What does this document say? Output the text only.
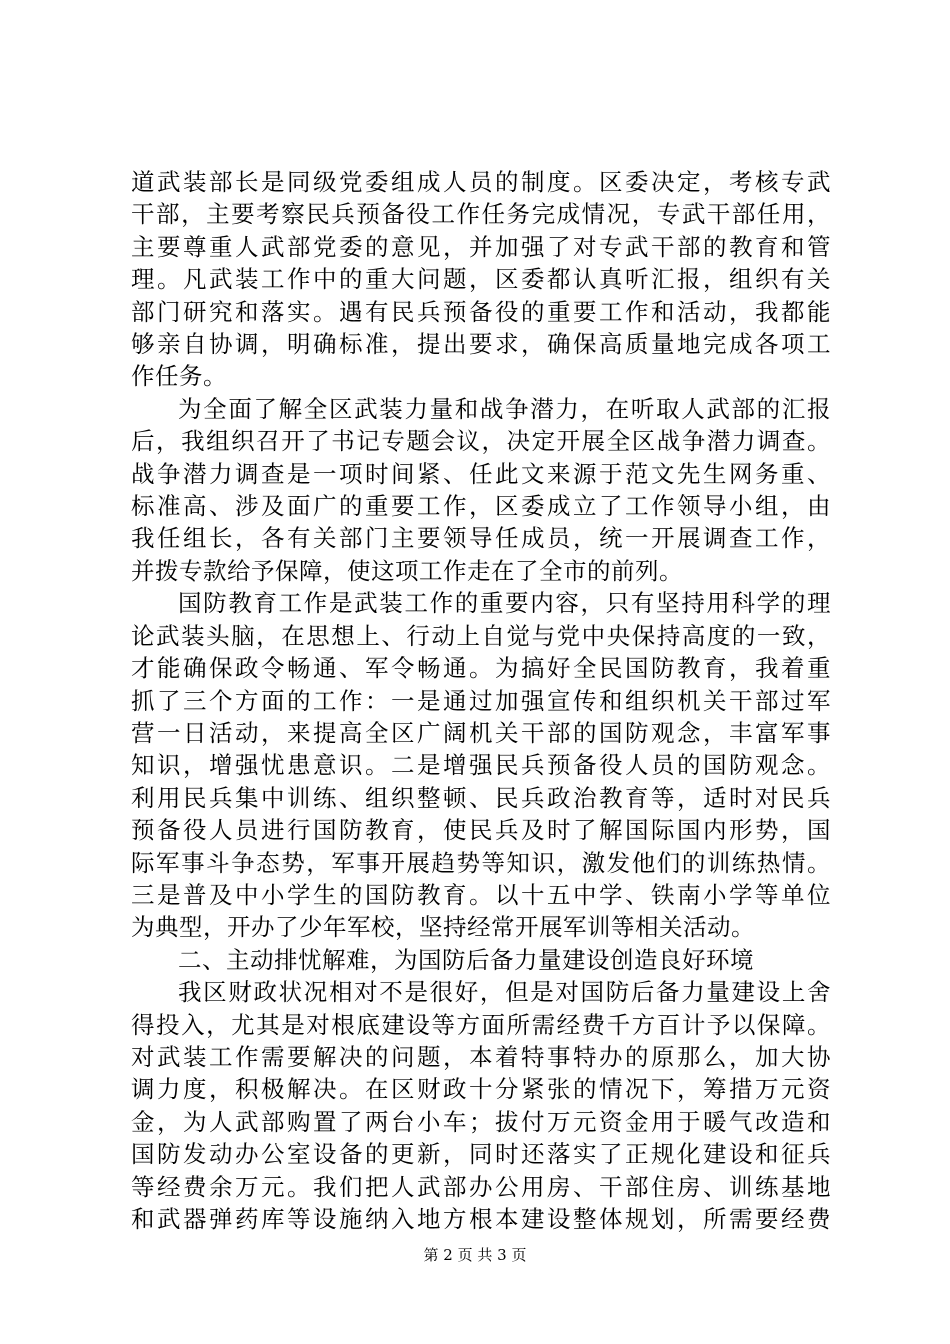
道武装部长是同级党委组成人员的制度。区委决定，考核专武
干部，主要考察民兵预备役工作任务完成情况，专武干部任用，
主要尊重人武部党委的意见，并加强了对专武干部的教育和管
理。凡武装工作中的重大问题，区委都认真听汇报，组织有关
部门研究和落实。遇有民兵预备役的重要工作和活动，我都能
够亲自协调，明确标准，提出要求，确保高质量地完成各项工
作任务。
为全面了解全区武装力量和战争潜力，在听取人武部的汇报
后，我组织召开了书记专题会议，决定开展全区战争潜力调查。
战争潜力调查是一项时间紧、任此文来源于范文先生网务重、
标准高、涉及面广的重要工作，区委成立了工作领导小组，由
我任组长，各有关部门主要领导任成员，统一开展调查工作，
并拨专款给予保障，使这项工作走在了全市的前列。
国防教育工作是武装工作的重要内容，只有坚持用科学的理
论武装头脑，在思想上、行动上自觉与党中央保持高度的一致，
才能确保政令畅通、军令畅通。为搞好全民国防教育，我着重
抓了三个方面的工作：一是通过加强宣传和组织机关干部过军
营一日活动，来提高全区广阔机关干部的国防观念，丰富军事
知识，增强忧患意识。二是增强民兵预备役人员的国防观念。
利用民兵集中训练、组织整顿、民兵政治教育等，适时对民兵
预备役人员进行国防教育，使民兵及时了解国际国内形势，国
际军事斗争态势，军事开展趋势等知识，激发他们的训练热情。
三是普及中小学生的国防教育。以十五中学、铁南小学等单位
为典型，开办了少年军校，坚持经常开展军训等相关活动。
二、主动排忧解难，为国防后备力量建设创造良好环境
我区财政状况相对不是很好，但是对国防后备力量建设上舍
得投入，尤其是对根底建设等方面所需经费千方百计予以保障。
对武装工作需要解决的问题，本着特事特办的原那么，加大协
调力度，积极解决。在区财政十分紧张的情况下，筹措万元资
金，为人武部购置了两台小车；拔付万元资金用于暖气改造和
国防发动办公室设备的更新，同时还落实了正规化建设和征兵
等经费余万元。我们把人武部办公用房、干部住房、训练基地
和武器弹药库等设施纳入地方根本建设整体规划，所需要经费
第 2 页 共 3 页
